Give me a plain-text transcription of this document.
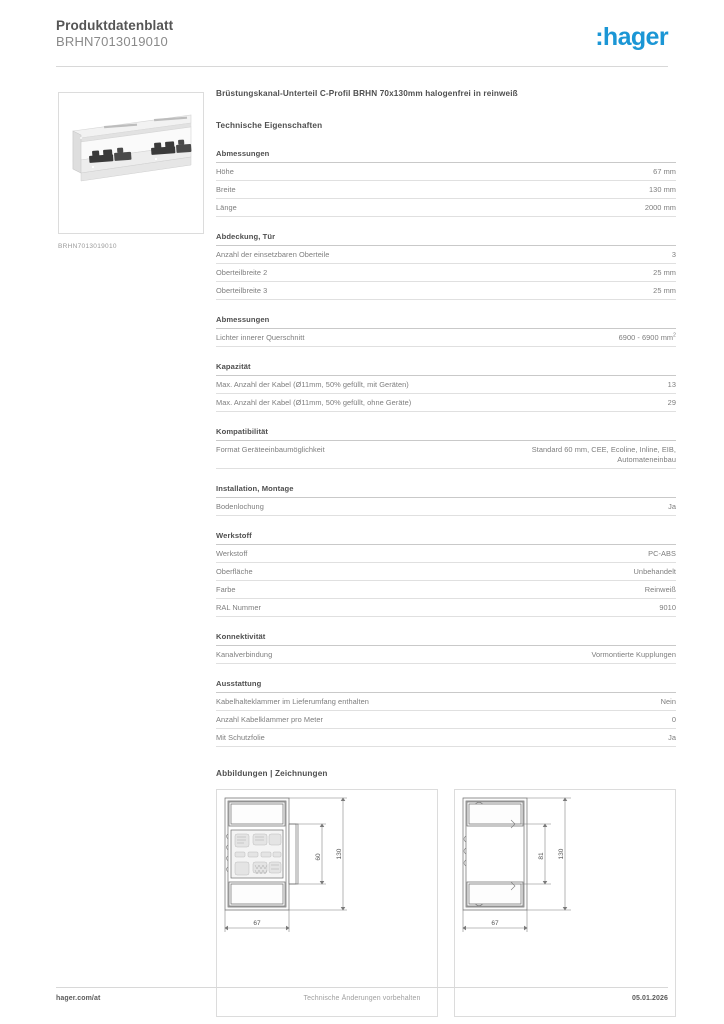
Produktdatenblatt
BRHN7013019010	:hager
BRHN7013019010
Brüstungskanal-Unterteil C-Profil BRHN 70x130mm halogenfrei in reinweiß
Technische Eigenschaften
Abmessungen
Höhe	67 mm
Breite	130 mm
Länge	2000 mm
Abdeckung, Tür
Anzahl der einsetzbaren Oberteile	3
Oberteilbreite 2	25 mm
Oberteilbreite 3	25 mm
Abmessungen
Lichter innerer Querschnitt	6900 - 6900 $mm^2$
Kapazität
Max. Anzahl der Kabel (Ø11mm, 50% gefüllt, mit Geräten)	13
Max. Anzahl der Kabel (Ø11mm, 50% gefüllt, ohne Geräte)	29
Kompatibilität
Format Geräteeinbaumöglichkeit	Standard 60 mm, CEE, Ecoline, Inline, EIB, Automateneinbau
Installation, Montage
Bodenlochung	Ja
Werkstoff
Werkstoff	PC-ABS
Oberfläche	Unbehandelt
Farbe	Reinweiß
RAL Nummer	9010
Konnektivität
Kanalverbindung	Vormontierte Kupplungen
Ausstattung
Kabelhalteklammer im Lieferumfang enthalten	Nein
Anzahl Kabelklammer pro Meter	0
Mit Schutzfolie	Ja
Abbildungen | Zeichnungen
60 130
67
81 130
67
hager.com/at	Technische Änderungen vorbehalten	05.01.2026
